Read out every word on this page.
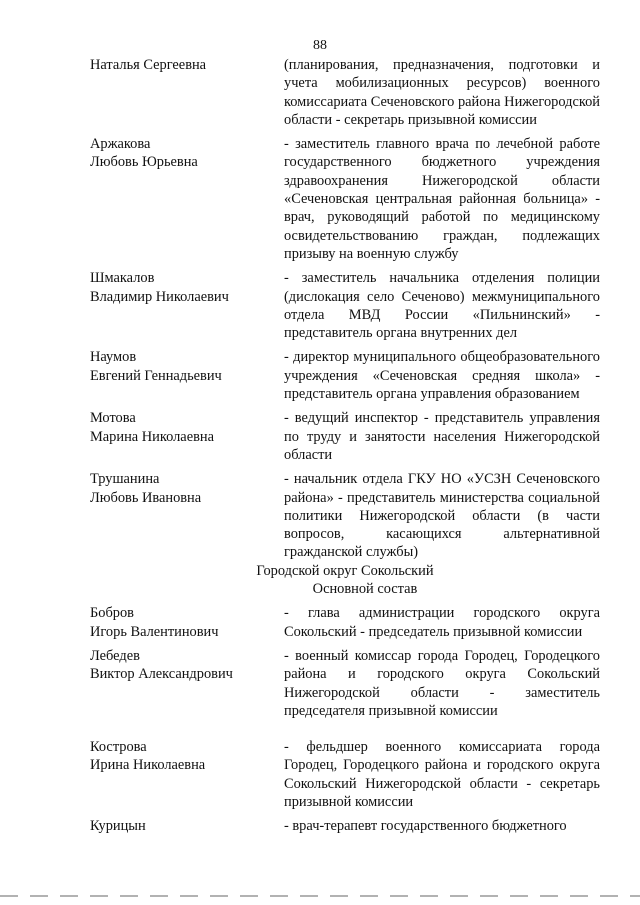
88
Наталья Сергеевна	(планирования, предназначения, подготовки и учета мобилизационных ресурсов) военного комиссариата Сеченовского района Нижегородской области - секретарь призывной комиссии
Аржакова
Любовь Юрьевна
- заместитель главного врача по лечебной работе государственного бюджетного учреждения здравоохранения Нижегородской области «Сеченовская центральная районная больница» - врач, руководящий работой по медицинскому освидетельствованию граждан, подлежащих призыву на военную службу
Шмакалов
Владимир Николаевич
- заместитель начальника отделения полиции (дислокация село Сеченово) межмуниципального отдела МВД России «Пильнинский» - представитель органа внутренних дел
Наумов
Евгений Геннадьевич
- директор муниципального общеобразовательного учреждения «Сеченовская средняя школа» - представитель органа управления образованием
Мотова
Марина Николаевна
- ведущий инспектор - представитель управления по труду и занятости населения Нижегородской области
Трушанина
Любовь Ивановна
- начальник отдела ГКУ НО «УСЗН Сеченовского района» - представитель министерства социальной политики Нижегородской области (в части вопросов, касающихся альтернативной гражданской службы)
Городской округ Сокольский
Основной состав
Бобров
Игорь Валентинович
- глава администрации городского округа Сокольский - председатель призывной комиссии
Лебедев
Виктор Александрович
- военный комиссар города Городец, Городецкого района и городского округа Сокольский Нижегородской области - заместитель председателя призывной комиссии
Кострова
Ирина Николаевна
- фельдшер военного комиссариата города Городец, Городецкого района и городского округа Сокольский Нижегородской области - секретарь призывной комиссии
Курицын	- врач-терапевт государственного бюджетного
